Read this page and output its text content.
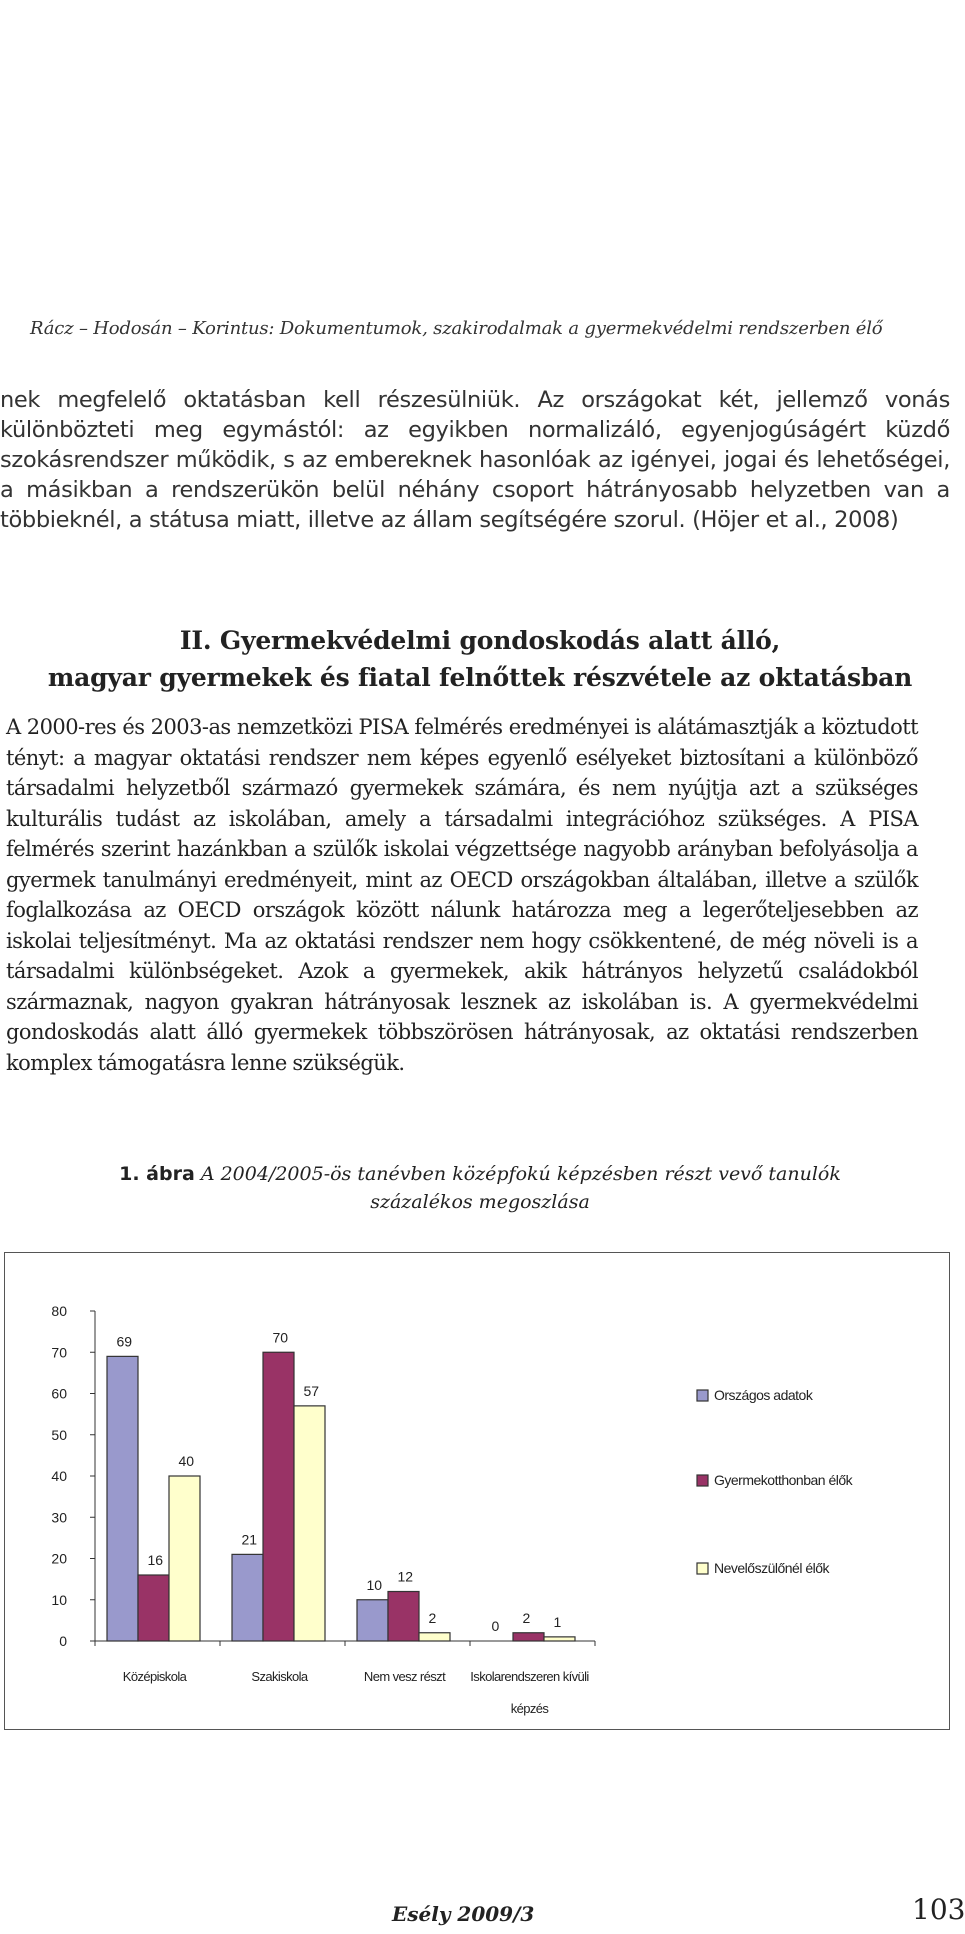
Rácz – Hodosán – Korintus: Dokumentumok, szakirodalmak a gyermekvédelmi rendszerben élő

nek megfelelő oktatásban kell részesülniük. Az országokat két, jellemző vonás különbözteti meg egymástól: az egyikben normalizáló, egyenjogúságért küzdő szokásrendszer működik, s az embereknek hasonlóak az igényei, jogai és lehetőségei, a másikban a rendszerükön belül néhány csoport hátrányosabb helyzetben van a többieknél, a státusa miatt, illetve az állam segítségére szorul. (Höjer et al., 2008)

II. Gyermekvédelmi gondoskodás alatt álló,
magyar gyermekek és fiatal felnőttek részvétele az oktatásban

A 2000-res és 2003-as nemzetközi PISA felmérés eredményei is alátámasztják a köztudott tényt: a magyar oktatási rendszer nem képes egyenlő esélyeket biztosítani a különböző társadalmi helyzetből származó gyermekek számára, és nem nyújtja azt a szükséges kulturális tudást az iskolában, amely a társadalmi integrációhoz szükséges. A PISA felmérés szerint hazánkban a szülők iskolai végzettsége nagyobb arányban befolyásolja a gyermek tanulmányi eredményeit, mint az OECD országokban általában, illetve a szülők foglalkozása az OECD országok között nálunk határozza meg a legerőteljesebben az iskolai teljesítményt. Ma az oktatási rendszer nem hogy csökkentené, de még növeli is a társadalmi különbségeket. Azok a gyermekek, akik hátrányos helyzetű családokból származnak, nagyon gyakran hátrányosak lesznek az iskolában is. A gyermekvédelmi gondoskodás alatt álló gyermekek többszörösen hátrányosak, az oktatási rendszerben komplex támogatásra lenne szükségük.

1. ábra A 2004/2005-ös tanévben középfokú képzésben részt vevő tanulók
százalékos megoszlása
0
10
20
30
40
50
60
70
80
69
21
10
0
16
70
12
2
40
57
2	1
Középiskola	Szakiskola	Nem vesz részt Iskolarendszeren kívüli
képzés
Országos adatok
Gyermekotthonban élők
Nevelőszülőnél élők
Esély 2009/3	103
